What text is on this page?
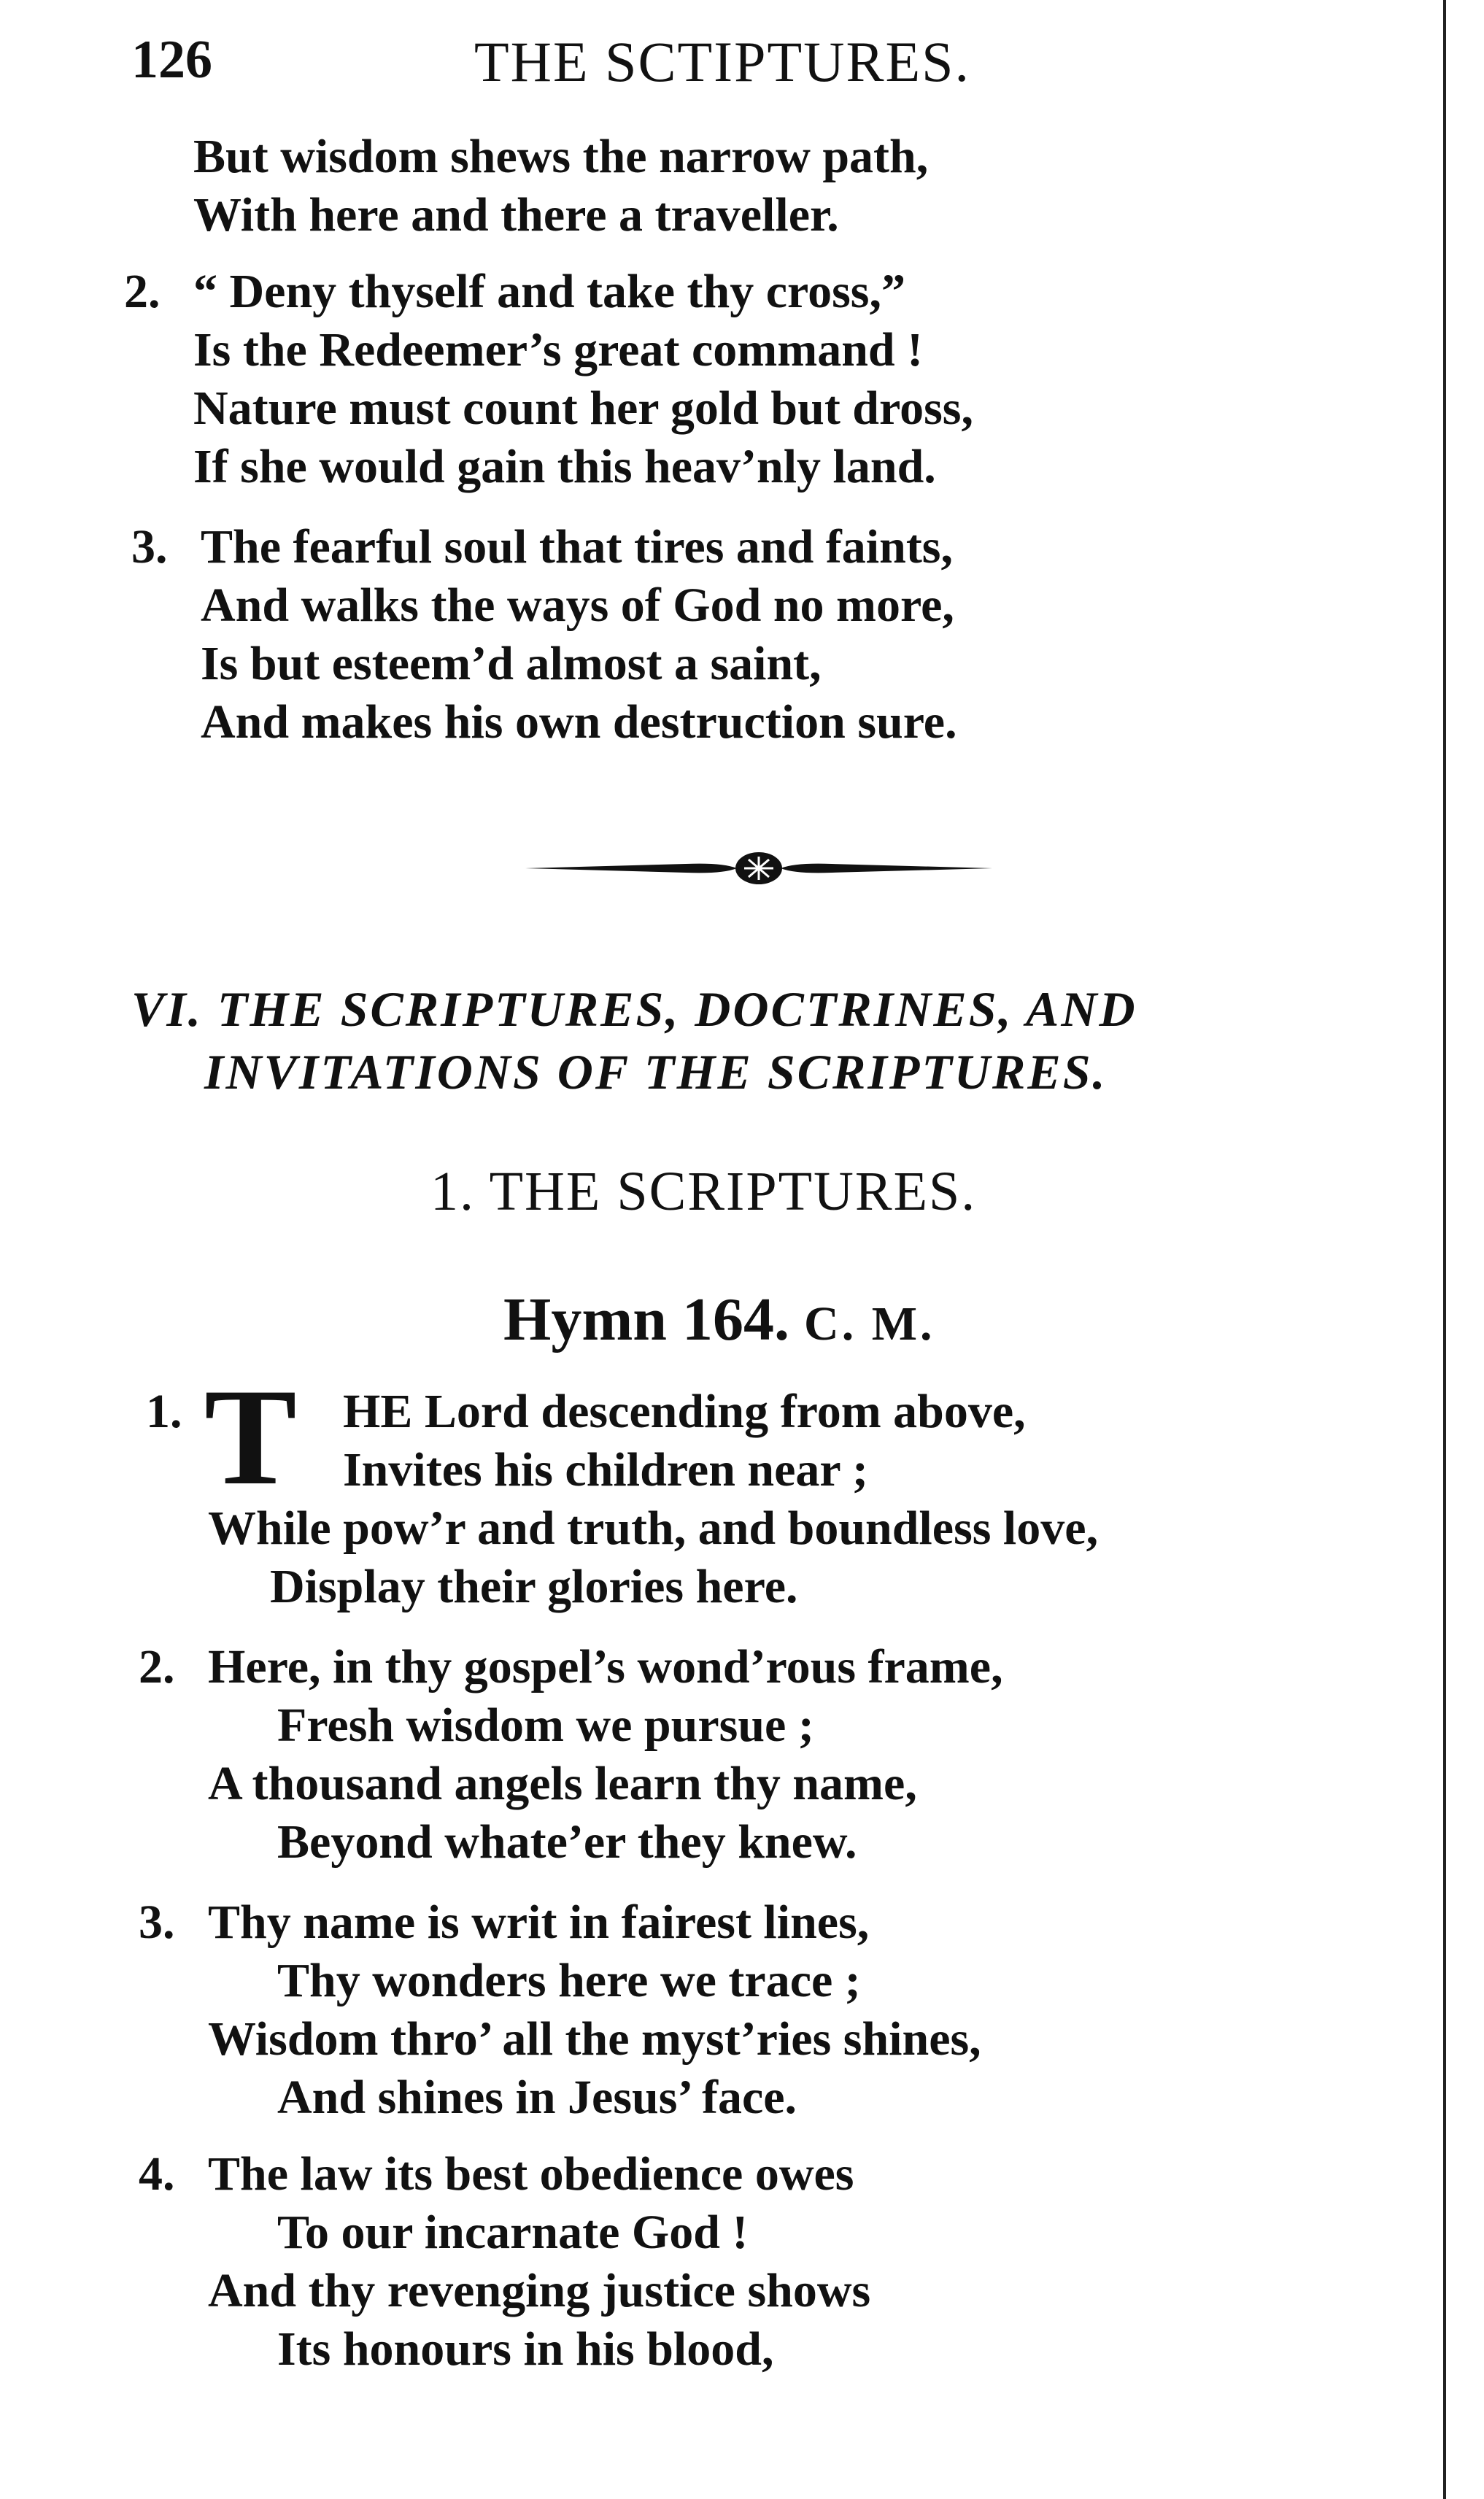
126	THE SCTIPTURES.
But wisdom shews the narrow path,
With here and there a traveller.
2. “ Deny thyself and take thy cross,”
Is the Redeemer’s great command !
Nature must count her gold but dross,
If she would gain this heav’nly land.
3. The fearful soul that tires and faints,
And walks the ways of God no more,
Is but esteem’d almost a saint,
And makes his own destruction sure.
VI. THE SCRIPTURES, DOCTRINES, AND
INVITATIONS OF THE SCRIPTURES.
1. THE SCRIPTURES.
Hymn 164. C. M.
1. T HE Lord descending from above,
Invites his children near ;
While pow’r and truth, and boundless love,
Display their glories here.
2. Here, in thy gospel’s wond’rous frame,
Fresh wisdom we pursue ;
A thousand angels learn thy name,
Beyond whate’er they knew.
3. Thy name is writ in fairest lines,
Thy wonders here we trace ;
Wisdom thro’ all the myst’ries shines,
And shines in Jesus’ face.
4. The law its best obedience owes
To our incarnate God !
And thy revenging justice shows
Its honours in his blood,
